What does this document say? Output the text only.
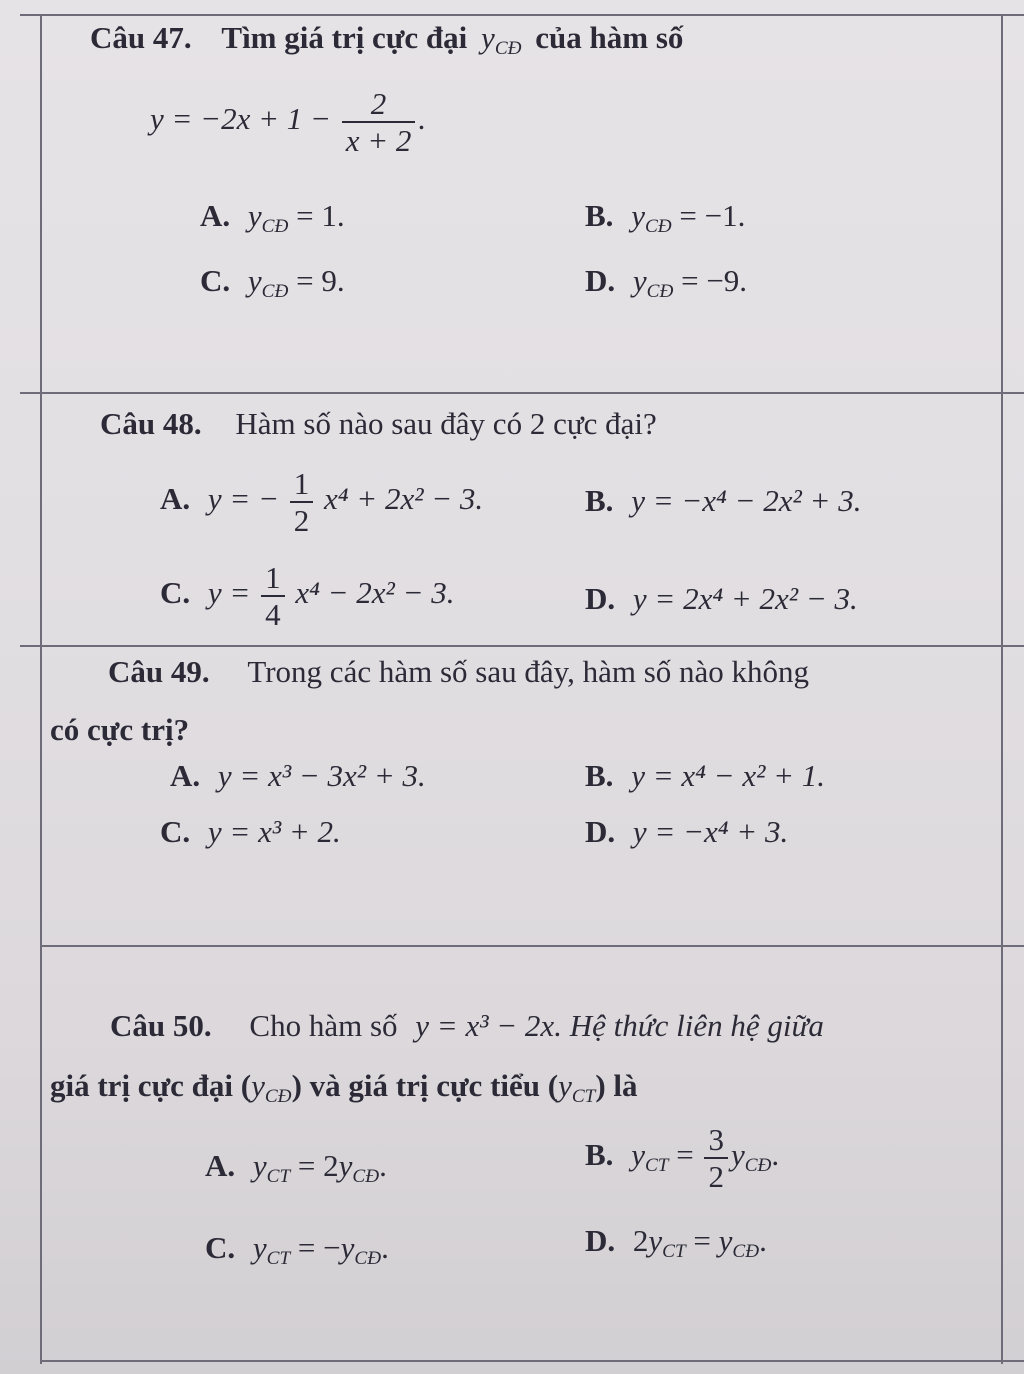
Câu 47. Tìm giá trị cực đại $y_{CĐ}$ của hàm số
$y = -2x + 1 - \frac{2}{x + 2}$ .
A. $y_{CĐ} = 1$.	B. $y_{CĐ} = -1$.
C. $y_{CĐ} = 9$.	D. $y_{CĐ} = -9$.
Câu 48. Hàm số nào sau đây có 2 cực đại?
A. y = − $\frac{1}{2} x^4 + 2x^2 - 3$.	B. y = −x⁴ − 2x² + 3.
C. $y = \frac{1}{4} x^4 - 2x^2 - 3$.	D. y = 2x⁴ + 2x² − 3.
Câu 49. Trong các hàm số sau đây, hàm số nào không
có cực trị?
A. y = x³ − 3x² + 3.	B. y = x⁴ − x² + 1.
C. y = x³ + 2.	D. y = −x⁴ + 3.
Câu 50. Cho hàm số y = x³ − 2x. Hệ thức liên hệ giữa
giá trị cực đại $(y_{CĐ})$ và giá trị cực tiểu $(y_{CT})$ là
A. $y_{CT} = 2y_{CĐ}$.	B. $y_{CT} = \frac{3}{2} y_{CĐ}$.
C. $y_{CT} = -y_{CĐ}$.	D. $2y_{CT} = y_{CĐ}$.
